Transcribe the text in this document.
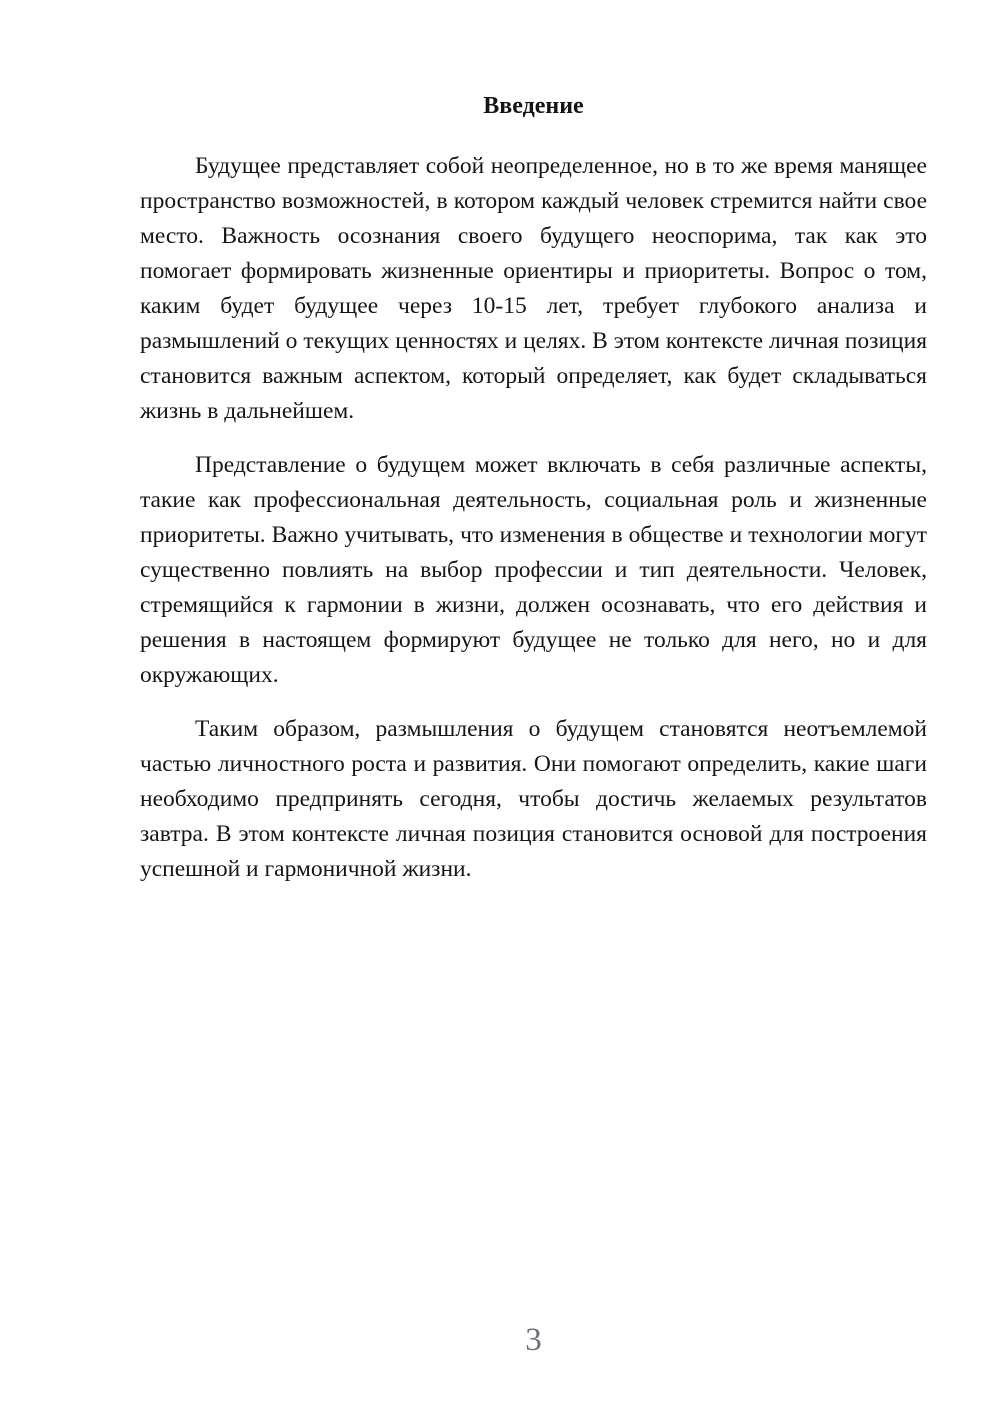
Введение

Будущее представляет собой неопределенное, но в то же время манящее пространство возможностей, в котором каждый человек стремится найти свое место. Важность осознания своего будущего неоспорима, так как это помогает формировать жизненные ориентиры и приоритеты. Вопрос о том, каким будет будущее через 10-15 лет, требует глубокого анализа и размышлений о текущих ценностях и целях. В этом контексте личная позиция становится важным аспектом, который определяет, как будет складываться жизнь в дальнейшем.

Представление о будущем может включать в себя различные аспекты, такие как профессиональная деятельность, социальная роль и жизненные приоритеты. Важно учитывать, что изменения в обществе и технологии могут существенно повлиять на выбор профессии и тип деятельности. Человек, стремящийся к гармонии в жизни, должен осознавать, что его действия и решения в настоящем формируют будущее не только для него, но и для окружающих.

Таким образом, размышления о будущем становятся неотъемлемой частью личностного роста и развития. Они помогают определить, какие шаги необходимо предпринять сегодня, чтобы достичь желаемых результатов завтра. В этом контексте личная позиция становится основой для построения успешной и гармоничной жизни.

3
